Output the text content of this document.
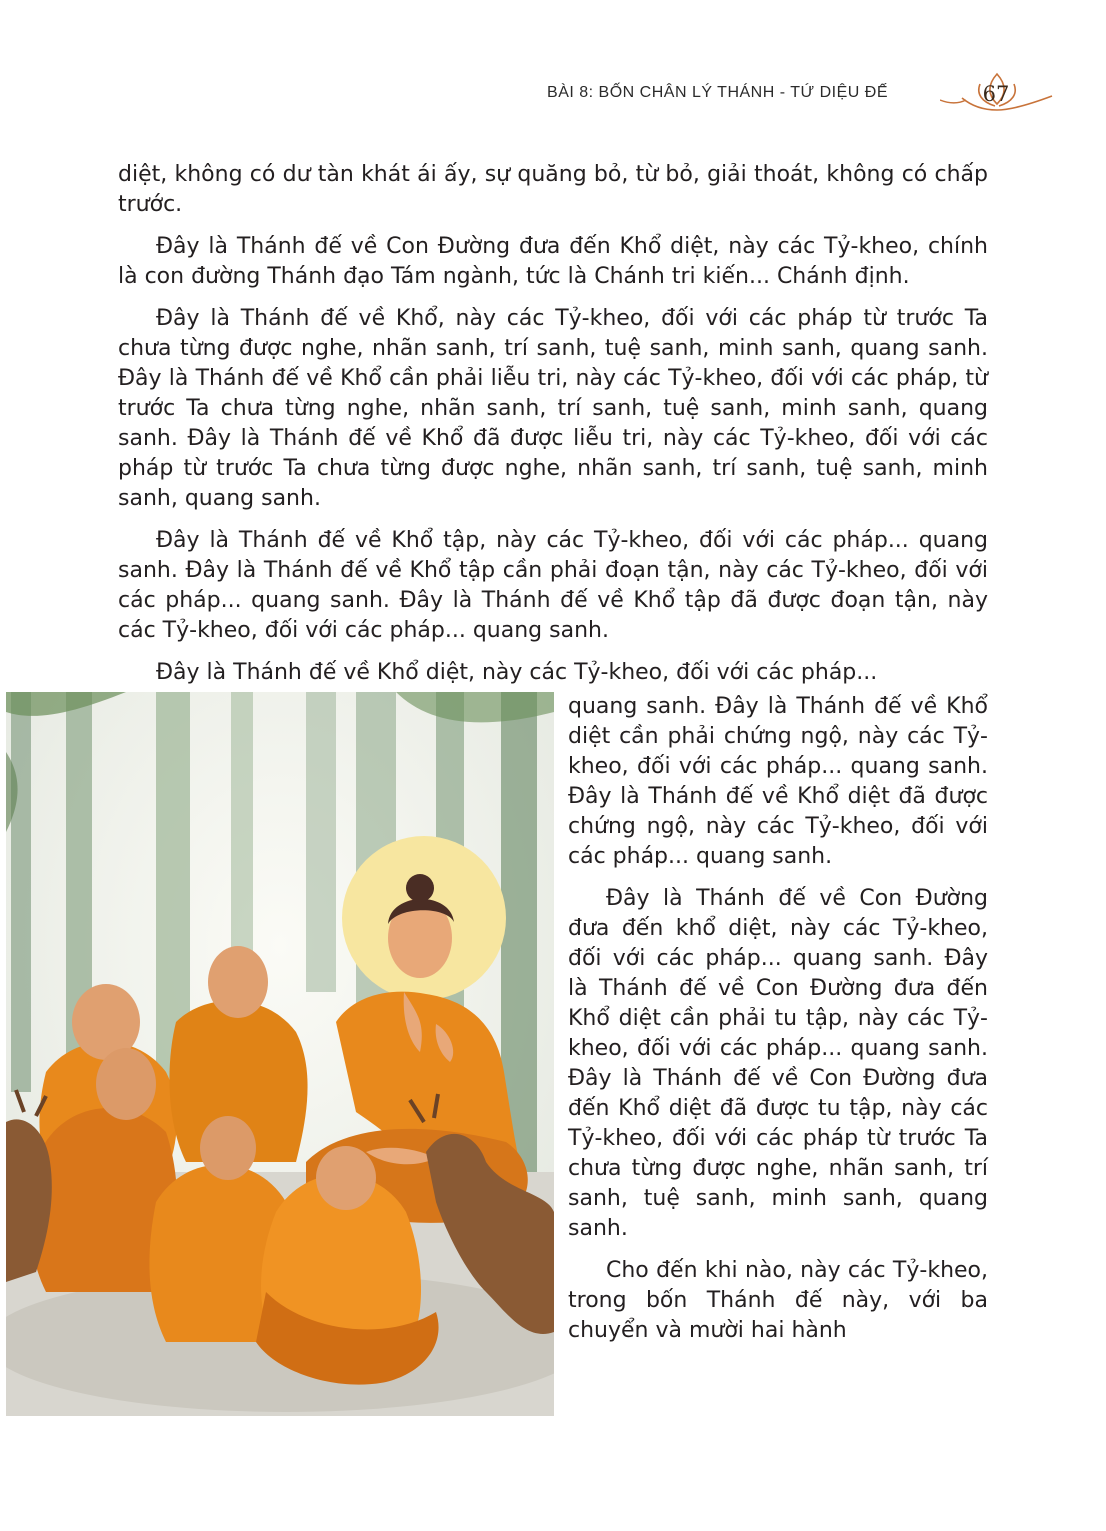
BÀI 8: BỐN CHÂN LÝ THÁNH - TỨ DIỆU ĐẾ	67

diệt, không có dư tàn khát ái ấy, sự quăng bỏ, từ bỏ, giải thoát, không có chấp trước.

Đây là Thánh đế về Con Đường đưa đến Khổ diệt, này các Tỷ-kheo, chính là con đường Thánh đạo Tám ngành, tức là Chánh tri kiến... Chánh định.

Đây là Thánh đế về Khổ, này các Tỷ-kheo, đối với các pháp từ trước Ta chưa từng được nghe, nhãn sanh, trí sanh, tuệ sanh, minh sanh, quang sanh. Đây là Thánh đế về Khổ cần phải liễu tri, này các Tỷ-kheo, đối với các pháp, từ trước Ta chưa từng nghe, nhãn sanh, trí sanh, tuệ sanh, minh sanh, quang sanh. Đây là Thánh đế về Khổ đã được liễu tri, này các Tỷ-kheo, đối với các pháp từ trước Ta chưa từng được nghe, nhãn sanh, trí sanh, tuệ sanh, minh sanh, quang sanh.

Đây là Thánh đế về Khổ tập, này các Tỷ-kheo, đối với các pháp... quang sanh. Đây là Thánh đế về Khổ tập cần phải đoạn tận, này các Tỷ-kheo, đối với các pháp... quang sanh. Đây là Thánh đế về Khổ tập đã được đoạn tận, này các Tỷ-kheo, đối với các pháp... quang sanh.

Đây là Thánh đế về Khổ diệt, này các Tỷ-kheo, đối với các pháp...

quang sanh. Đây là Thánh đế về Khổ diệt cần phải chứng ngộ, này các Tỷ-kheo, đối với các pháp... quang sanh. Đây là Thánh đế về Khổ diệt đã được chứng ngộ, này các Tỷ-kheo, đối với các pháp... quang sanh.

Đây là Thánh đế về Con Đường đưa đến khổ diệt, này các Tỷ-kheo, đối với các pháp... quang sanh. Đây là Thánh đế về Con Đường đưa đến Khổ diệt cần phải tu tập, này các Tỷ-kheo, đối với các pháp... quang sanh. Đây là Thánh đế về Con Đường đưa đến Khổ diệt đã được tu tập, này các Tỷ-kheo, đối với các pháp từ trước Ta chưa từng được nghe, nhãn sanh, trí sanh, tuệ sanh, minh sanh, quang sanh.

Cho đến khi nào, này các Tỷ-kheo, trong bốn Thánh đế này, với ba chuyển và mười hai hành
